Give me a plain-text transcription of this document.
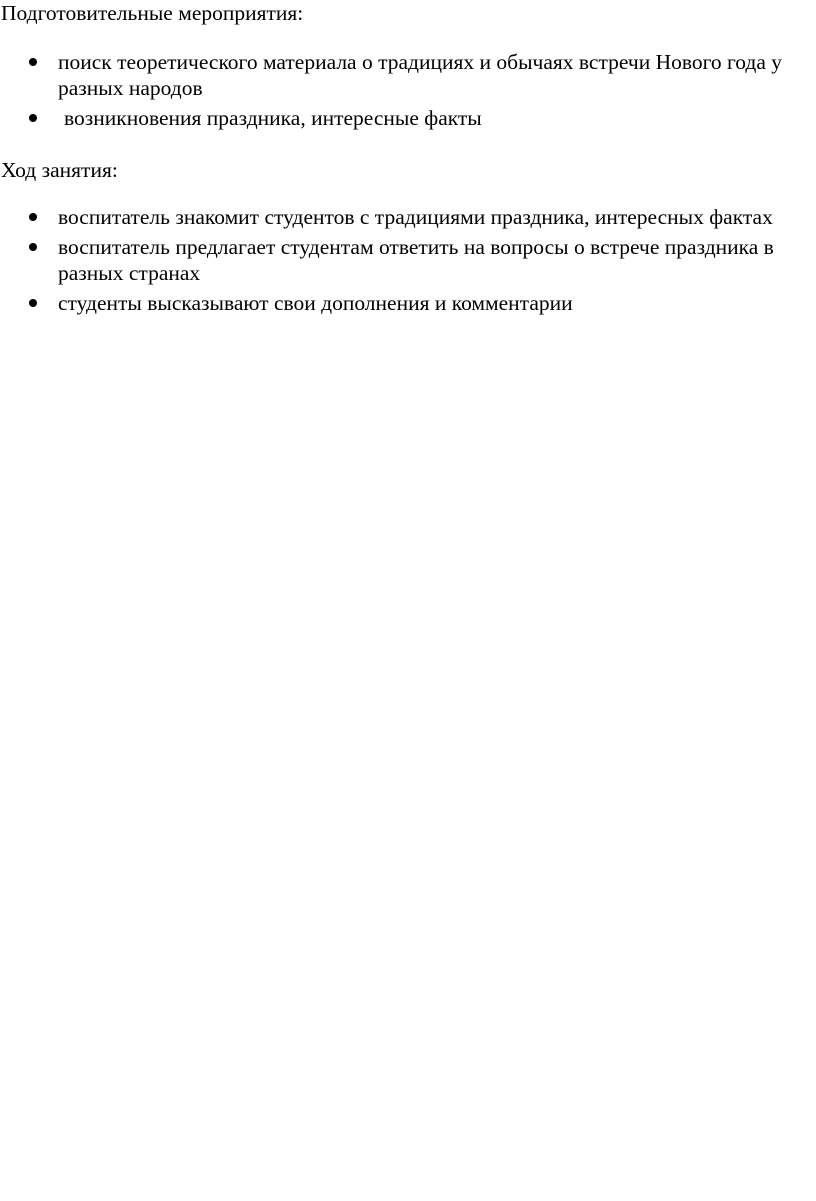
Подготовительные мероприятия:

поиск теоретического материала о традициях и обычаях встречи Нового года у разных народов
возникновения праздника, интересные факты

Ход занятия:

воспитатель знакомит студентов с традициями праздника, интересных фактах
воспитатель предлагает студентам ответить на вопросы о встрече праздника в разных странах
студенты высказывают свои дополнения и комментарии
